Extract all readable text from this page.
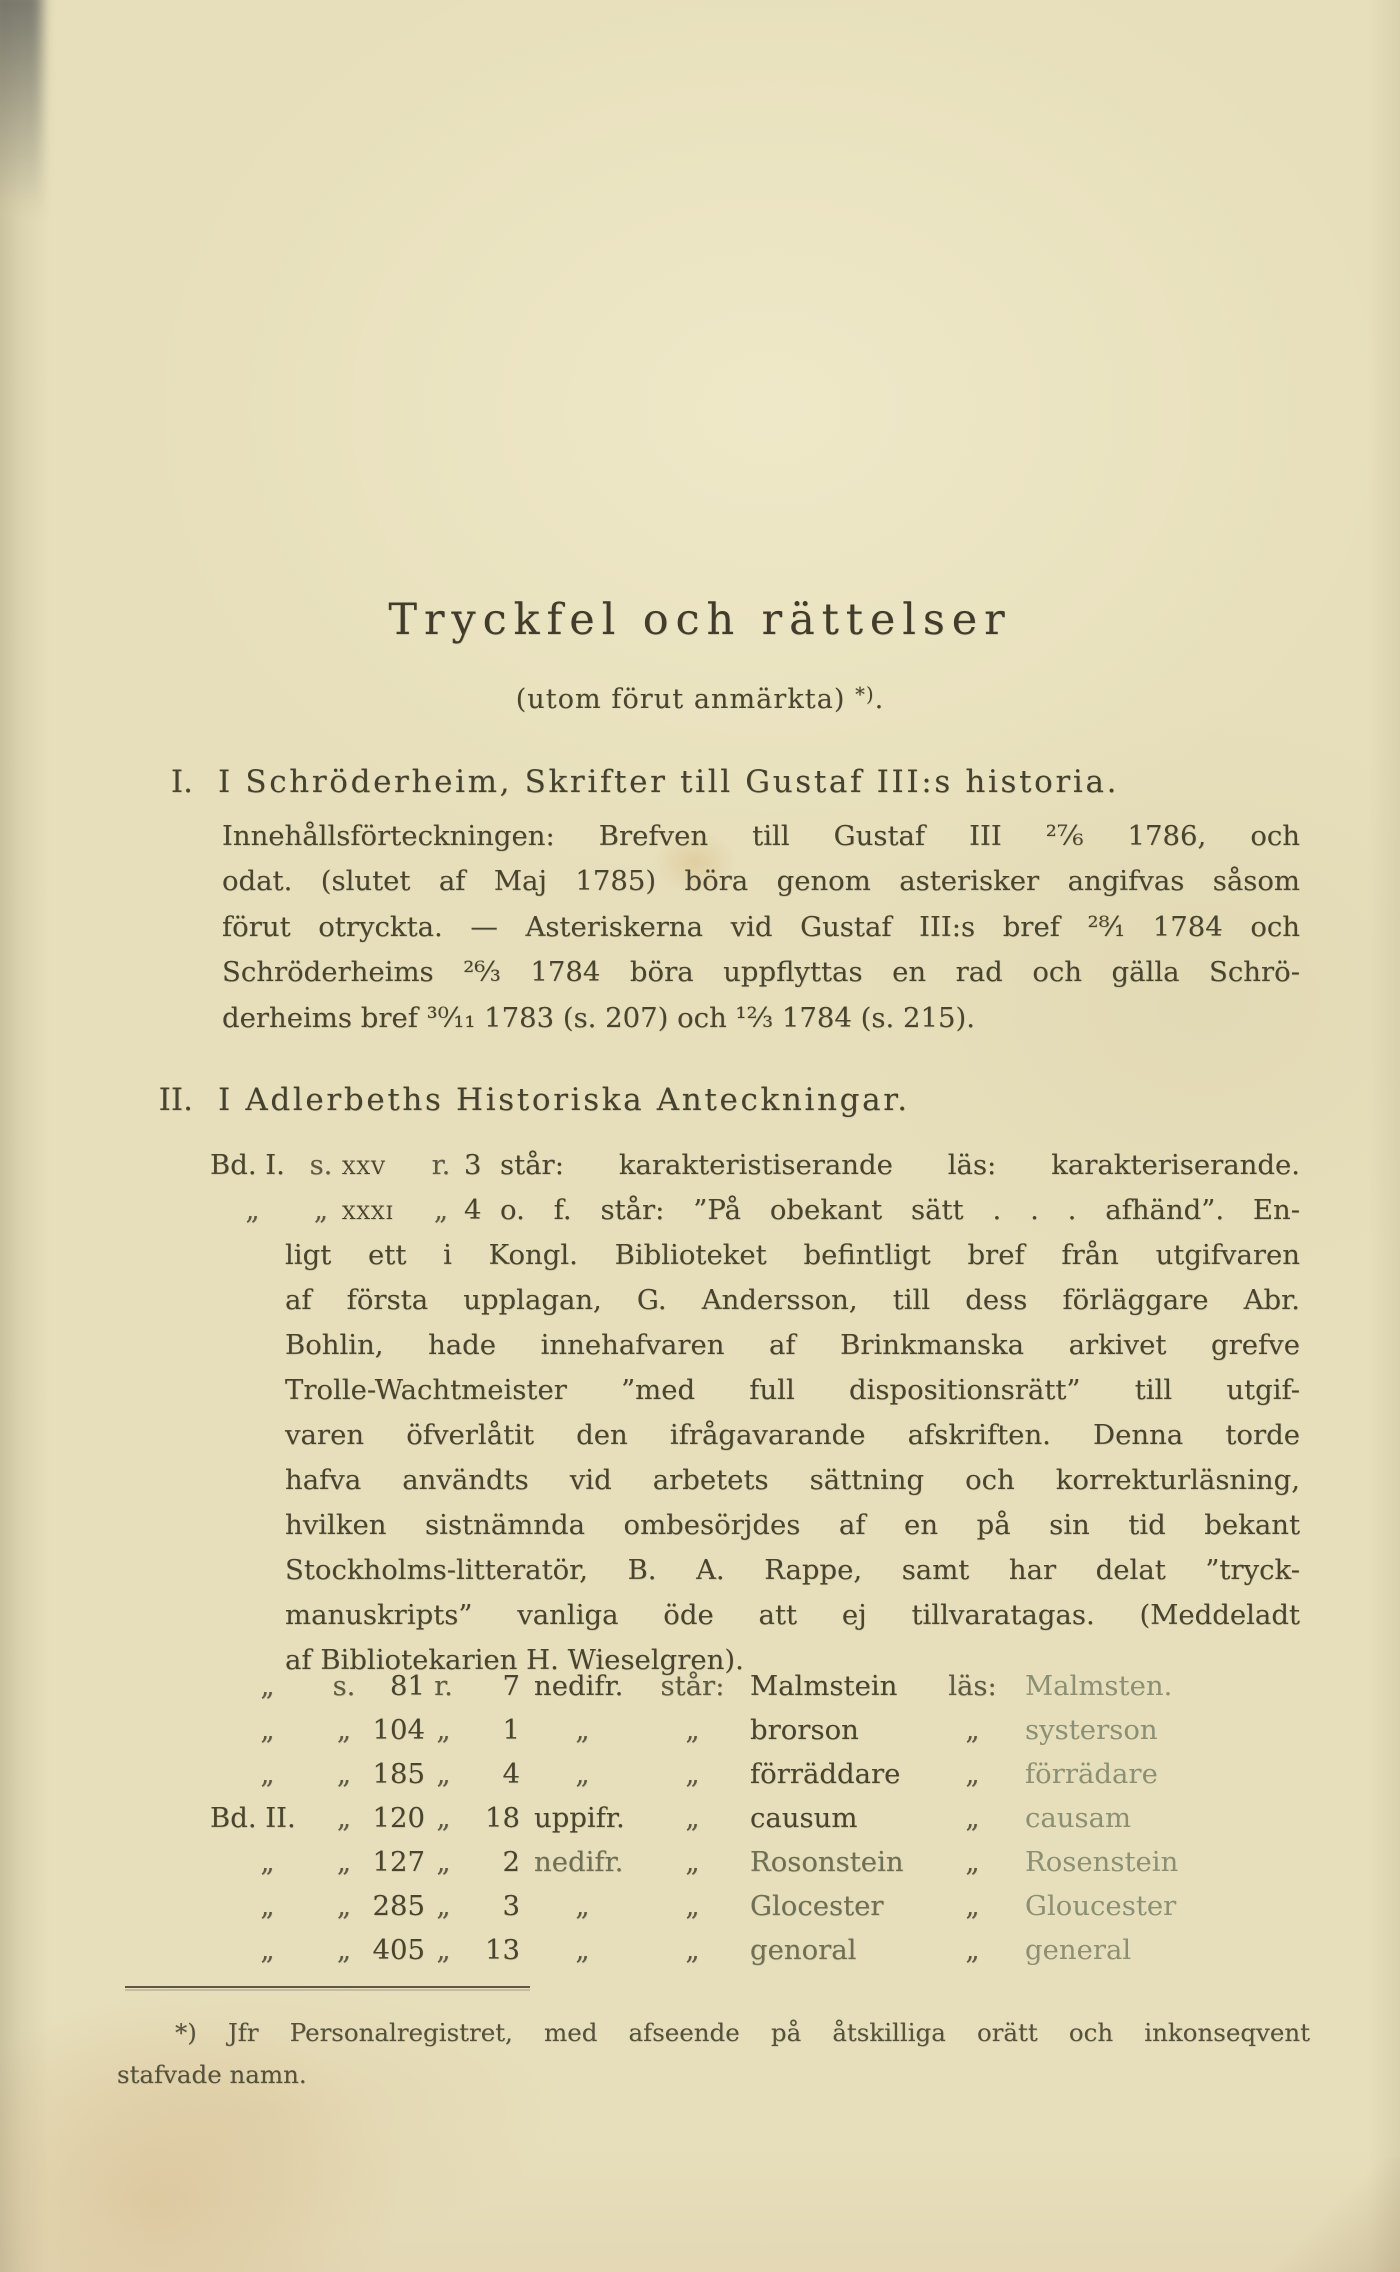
Tryckfel och rättelser
(utom förut anmärkta) *).
I. I Schröderheim, Skrifter till Gustaf III:s historia.
Innehållsförteckningen: Brefven till Gustaf III ²⁷⁄₆ 1786, och
odat. (slutet af Maj 1785) böra genom asterisker angifvas såsom
förut otryckta. — Asteriskerna vid Gustaf III:s bref ²⁸⁄₁ 1784 och
Schröderheims ²⁶⁄₃ 1784 böra uppflyttas en rad och gälla Schrö-
derheims bref ³⁰⁄₁₁ 1783 (s. 207) och ¹²⁄₃ 1784 (s. 215).
II. I Adlerbeths Historiska Anteckningar.
Bd. I. s. xxv	r. 3 står: karakteristiserande läs: karakteriserande.
„	„ xxxi	„ 4 o. f. står: ”På obekant sätt . . . afhänd”. En-
ligt ett i Kongl. Biblioteket befintligt bref från utgifvaren
af första upplagan, G. Andersson, till dess förläggare Abr.
Bohlin, hade innehafvaren af Brinkmanska arkivet grefve
Trolle-Wachtmeister ”med full dispositionsrätt” till utgif-
varen öfverlåtit den ifrågavarande afskriften. Denna torde
hafva användts vid arbetets sättning och korrekturläsning,
hvilken sistnämnda ombesörjdes af en på sin tid bekant
Stockholms-litteratör, B. A. Rappe, samt har delat ”tryck-
manuskripts” vanliga öde att ej tillvaratagas. (Meddeladt
af Bibliotekarien H. Wieselgren).
„	s.	81 r.	7 nedifr.	står: Malmstein	läs:	Malmsten.
„	„ 104 „	1	„	„	brorson	„	systerson
„	„ 185 „	4	„	„	förräddare	„	förrädare
Bd. II.	„ 120 „	18 uppifr.	„	causum	„	causam
„	„ 127 „	2 nedifr.	„	Rosonstein	„	Rosenstein
„	„ 285 „	3	„	„	Glocester	„	Gloucester
„	„ 405 „	13	„	„	genoral	„	general
*) Jfr Personalregistret, med afseende på åtskilliga orätt och inkonseqvent
stafvade namn.
